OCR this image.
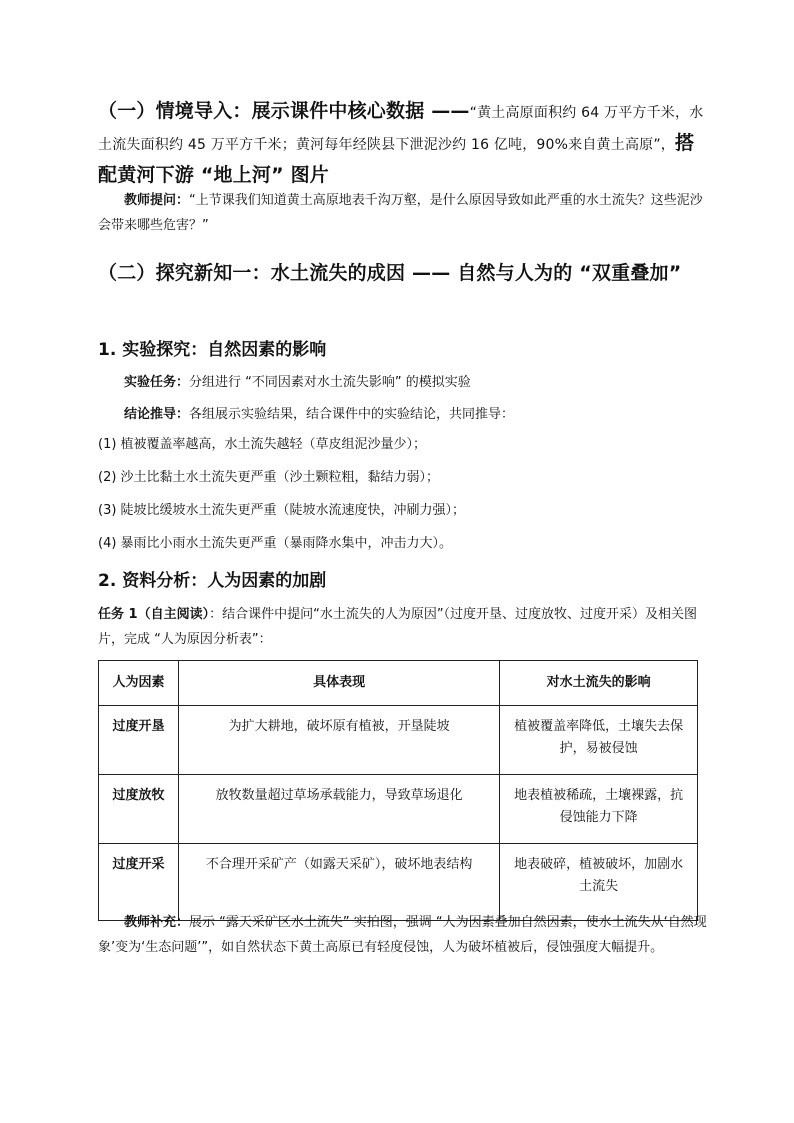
（一）情境导入：展示课件中核心数据 ——“黄土高原面积约 64 万平方千米，水土流失面积约 45 万平方千米；黄河每年经陕县下泄泥沙约 16 亿吨，90%来自黄土高原”，搭配黄河下游 “地上河” 图片
教师提问：“上节课我们知道黄土高原地表千沟万壑，是什么原因导致如此严重的水土流失？这些泥沙会带来哪些危害？”
（二）探究新知一：水土流失的成因 —— 自然与人为的 “双重叠加”
1. 实验探究：自然因素的影响
实验任务：分组进行 “不同因素对水土流失影响” 的模拟实验
结论推导：各组展示实验结果，结合课件中的实验结论，共同推导：
(1) 植被覆盖率越高，水土流失越轻（草皮组泥沙量少）；
(2) 沙土比黏土水土流失更严重（沙土颗粒粗，黏结力弱）；
(3) 陡坡比缓坡水土流失更严重（陡坡水流速度快，冲刷力强）；
(4) 暴雨比小雨水土流失更严重（暴雨降水集中，冲击力大）。
2. 资料分析：人为因素的加剧
任务 1（自主阅读）：结合课件中提问“水土流失的人为原因”（过度开垦、过度放牧、过度开采）及相关图片，完成 “人为原因分析表”：
人为因素	具体表现	对水土流失的影响
过度开垦	为扩大耕地，破坏原有植被，开垦陡坡	植被覆盖率降低，土壤失去保护，易被侵蚀
过度放牧	放牧数量超过草场承载能力，导致草场退化	地表植被稀疏，土壤裸露，抗侵蚀能力下降
过度开采	不合理开采矿产（如露天采矿），破坏地表结构	地表破碎，植被破坏，加剧水土流失
教师补充：展示 “露天采矿区水土流失” 实拍图，强调 “人为因素叠加自然因素，使水土流失从‘自然现象’变为‘生态问题’”，如自然状态下黄土高原已有轻度侵蚀，人为破坏植被后，侵蚀强度大幅提升。
